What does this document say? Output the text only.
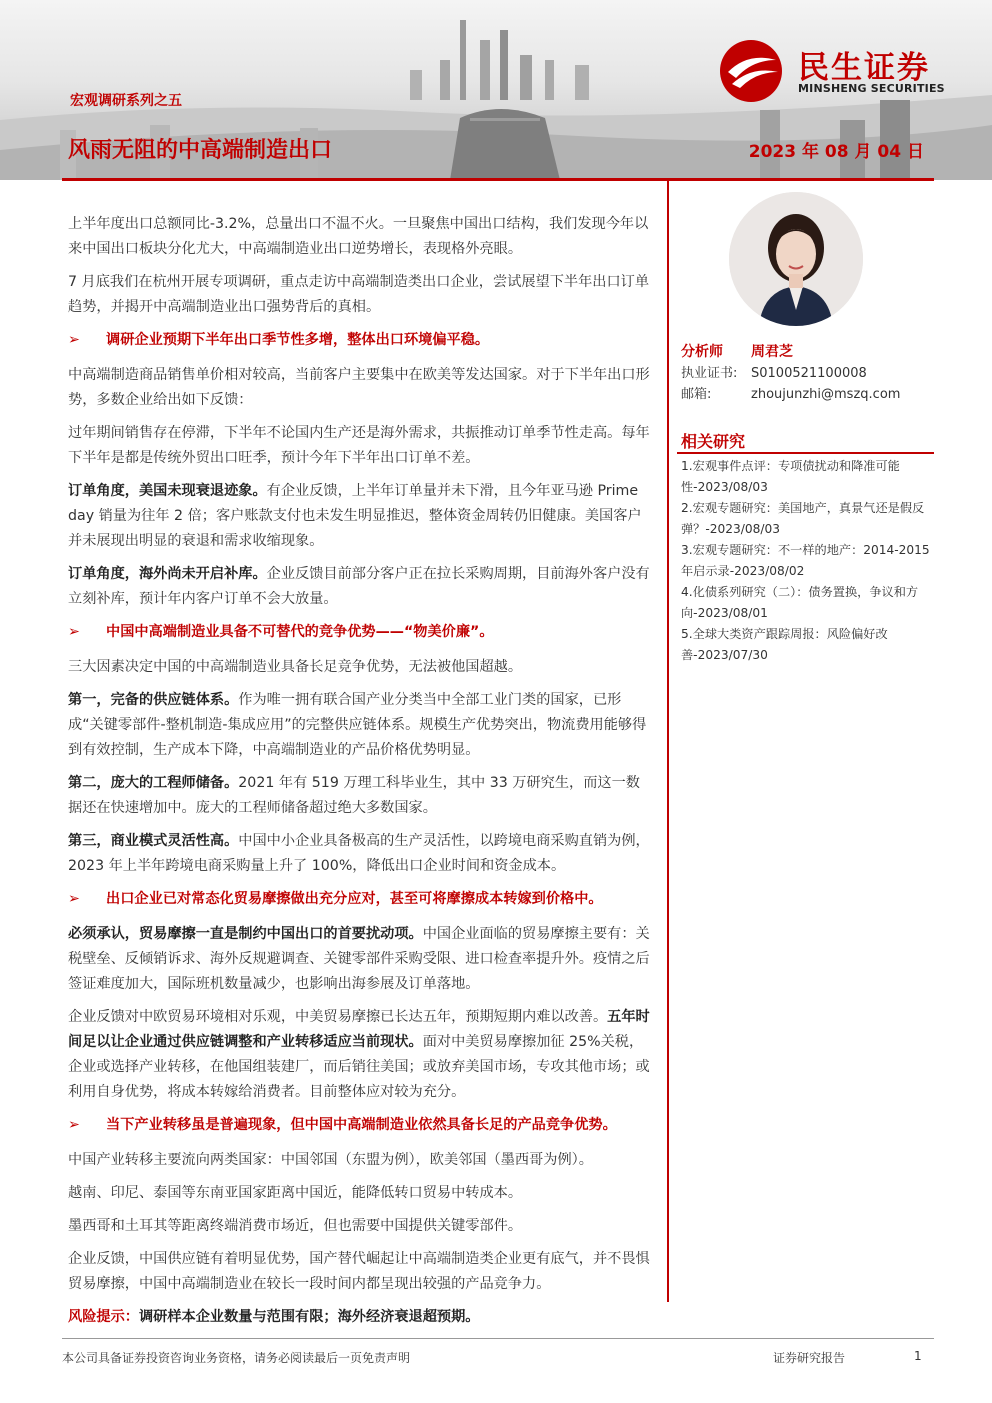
宏观调研系列之五
风雨无阻的中高端制造出口	2023 年 08 月 04 日
民生证券
MINSHENG SECURITIES

上半年度出口总额同比-3.2%，总量出口不温不火。一旦聚焦中国出口结构，我们发现今年以来中国出口板块分化尤大，中高端制造业出口逆势增长，表现格外亮眼。

7 月底我们在杭州开展专项调研，重点走访中高端制造类出口企业，尝试展望下半年出口订单趋势，并揭开中高端制造业出口强势背后的真相。

➢ 调研企业预期下半年出口季节性多增，整体出口环境偏平稳。

中高端制造商品销售单价相对较高，当前客户主要集中在欧美等发达国家。对于下半年出口形势，多数企业给出如下反馈：

过年期间销售存在停滞，下半年不论国内生产还是海外需求，共振推动订单季节性走高。每年下半年是都是传统外贸出口旺季，预计今年下半年出口订单不差。

订单角度，美国未现衰退迹象。有企业反馈，上半年订单量并未下滑，且今年亚马逊 Prime day 销量为往年 2 倍；客户账款支付也未发生明显推迟，整体资金周转仍旧健康。美国客户并未展现出明显的衰退和需求收缩现象。

订单角度，海外尚未开启补库。企业反馈目前部分客户正在拉长采购周期，目前海外客户没有立刻补库，预计年内客户订单不会大放量。

➢ 中国中高端制造业具备不可替代的竞争优势——“物美价廉”。

三大因素决定中国的中高端制造业具备长足竞争优势，无法被他国超越。

第一，完备的供应链体系。作为唯一拥有联合国产业分类当中全部工业门类的国家，已形成“关键零部件-整机制造-集成应用”的完整供应链体系。规模生产优势突出，物流费用能够得到有效控制，生产成本下降，中高端制造业的产品价格优势明显。

第二，庞大的工程师储备。2021 年有 519 万理工科毕业生，其中 33 万研究生，而这一数据还在快速增加中。庞大的工程师储备超过绝大多数国家。

第三，商业模式灵活性高。中国中小企业具备极高的生产灵活性，以跨境电商采购直销为例，2023 年上半年跨境电商采购量上升了 100%，降低出口企业时间和资金成本。

➢ 出口企业已对常态化贸易摩擦做出充分应对，甚至可将摩擦成本转嫁到价格中。

必须承认，贸易摩擦一直是制约中国出口的首要扰动项。中国企业面临的贸易摩擦主要有：关税壁垒、反倾销诉求、海外反规避调查、关键零部件采购受限、进口检查率提升外。疫情之后签证难度加大，国际班机数量减少，也影响出海参展及订单落地。

企业反馈对中欧贸易环境相对乐观，中美贸易摩擦已长达五年，预期短期内难以改善。五年时间足以让企业通过供应链调整和产业转移适应当前现状。面对中美贸易摩擦加征 25%关税，企业或选择产业转移，在他国组装建厂，而后销往美国；或放弃美国市场，专攻其他市场；或利用自身优势，将成本转嫁给消费者。目前整体应对较为充分。

➢ 当下产业转移虽是普遍现象，但中国中高端制造业依然具备长足的产品竞争优势。

中国产业转移主要流向两类国家：中国邻国（东盟为例），欧美邻国（墨西哥为例）。

越南、印尼、泰国等东南亚国家距离中国近，能降低转口贸易中转成本。

墨西哥和土耳其等距离终端消费市场近，但也需要中国提供关键零部件。

企业反馈，中国供应链有着明显优势，国产替代崛起让中高端制造类企业更有底气，并不畏惧贸易摩擦，中国中高端制造业在较长一段时间内都呈现出较强的产品竞争力。

风险提示：调研样本企业数量与范围有限；海外经济衰退超预期。

分析师	周君芝
执业证书:	S0100521100008
邮箱:	zhoujunzhi@mszq.com
相关研究
1.宏观事件点评：专项债扰动和降准可能性-2023/08/03
2.宏观专题研究：美国地产，真景气还是假反弹？-2023/08/03
3.宏观专题研究：不一样的地产：2014-2015 年启示录-2023/08/02
4.化债系列研究（二）：债务置换，争议和方向-2023/08/01
5.全球大类资产跟踪周报：风险偏好改善-2023/07/30
本公司具备证券投资咨询业务资格，请务必阅读最后一页免责声明	证券研究报告	1
